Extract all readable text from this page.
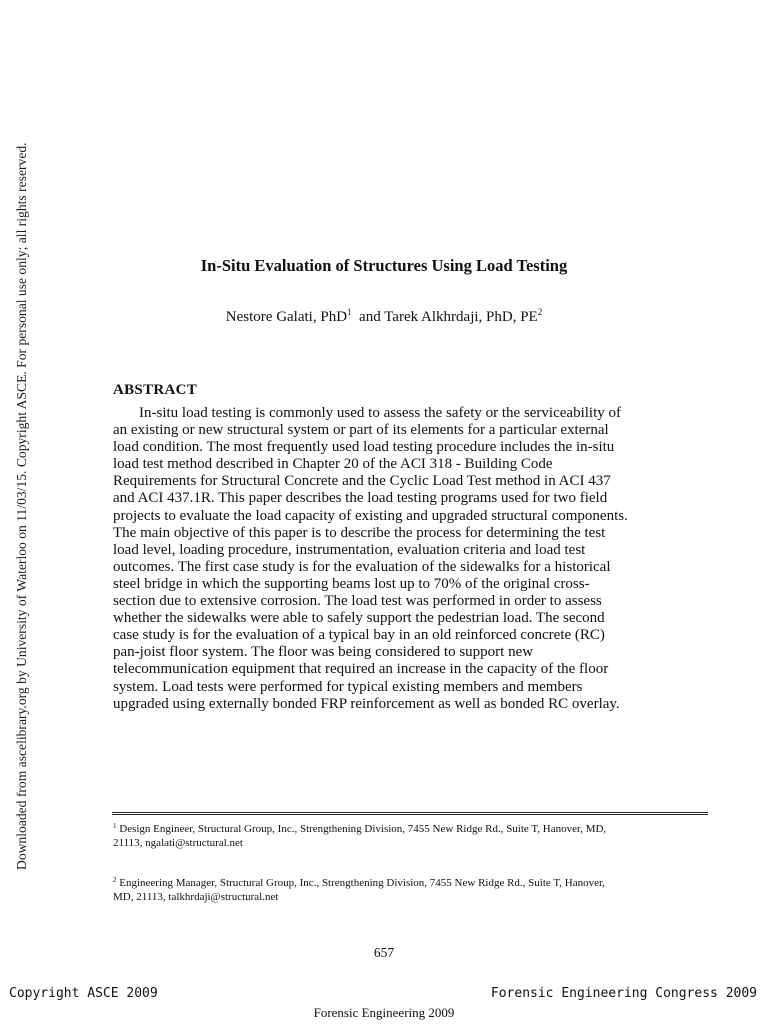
Downloaded from ascelibrary.org by University of Waterloo on 11/03/15. Copyright ASCE. For personal use only; all rights reserved.	In-Situ Evaluation of Structures Using Load Testing
Nestore Galati, PhD$^1$ and Tarek Alkhrdaji, PhD, $PE^2$
ABSTRACT
In-situ load testing is commonly used to assess the safety or the serviceability of
an existing or new structural system or part of its elements for a particular external
load condition. The most frequently used load testing procedure includes the in-situ
load test method described in Chapter 20 of the ACI 318 - Building Code
Requirements for Structural Concrete and the Cyclic Load Test method in ACI 437
and ACI 437.1R. This paper describes the load testing programs used for two field
projects to evaluate the load capacity of existing and upgraded structural components.
The main objective of this paper is to describe the process for determining the test
load level, loading procedure, instrumentation, evaluation criteria and load test
outcomes. The first case study is for the evaluation of the sidewalks for a historical
steel bridge in which the supporting beams lost up to 70% of the original cross-
section due to extensive corrosion. The load test was performed in order to assess
whether the sidewalks were able to safely support the pedestrian load. The second
case study is for the evaluation of a typical bay in an old reinforced concrete (RC)
pan-joist floor system. The floor was being considered to support new
telecommunication equipment that required an increase in the capacity of the floor
system. Load tests were performed for typical existing members and members
upgraded using externally bonded FRP reinforcement as well as bonded RC overlay.
$^1$ Design Engineer, Structural Group, Inc., Strengthening Division, 7455 New Ridge Rd., Suite T, Hanover, MD,
21113, ngalati@structural.net
$^2$ Engineering Manager, Structural Group, Inc., Strengthening Division, 7455 New Ridge Rd., Suite T, Hanover,
MD, 21113, talkhrdaji@structural.net
657
Copyright ASCE 2009	Forensic Engineering Congress 2009
Forensic Engineering 2009
